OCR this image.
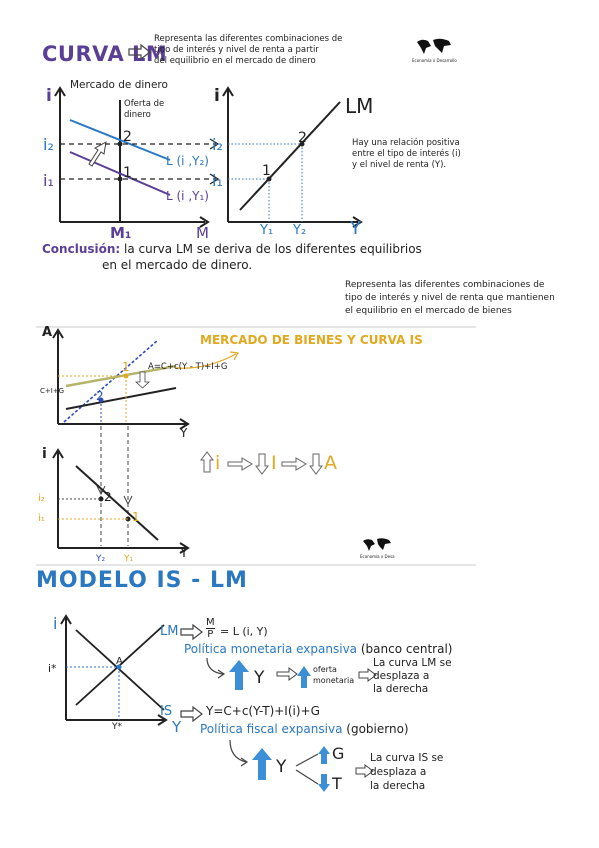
CURVA LM
Representa las diferentes combinaciones de
tipo de interés y nivel de renta a partir
del equilibrio en el mercado de dinero	Economía x Desarrollo
Mercado de dinero
i	Oferta de
dinero
i₂
i₁
2
1
L (i ,Y₂)
L (i ,Y₁)
M₁	M
i	LM
i₂
i₁
2
1
Y₁ Y₂ Y
Hay una relación positiva
entre el tipo de interés (i)
y el nivel de renta (Y).
Conclusión: la curva LM se deriva de los diferentes equilibrios
en el mercado de dinero.
Representa las diferentes combinaciones de
tipo de interés y nivel de renta que mantienen
el equilibrio en el mercado de bienes
A	MERCADO DE BIENES Y CURVA IS
A=C+c(Y - T)+I+G
C+I+G
1
2
Y
i
i₂
i₁
2
1
Y₂ Y₁	Y
i	I A
Economía x Desa
MODELO IS - LM
i
i*
A
Y*	Y
LM
IS
$\frac{M}{P} = L$ (i, Y)
Política monetaria expansiva (banco central)
Y	oferta
monetaria
La curva LM se
desplaza a
la derecha
Y=C+c(Y-T)+I(i)+G
Política fiscal expansiva (gobierno)
Y
G
T
La curva IS se
desplaza a
la derecha
